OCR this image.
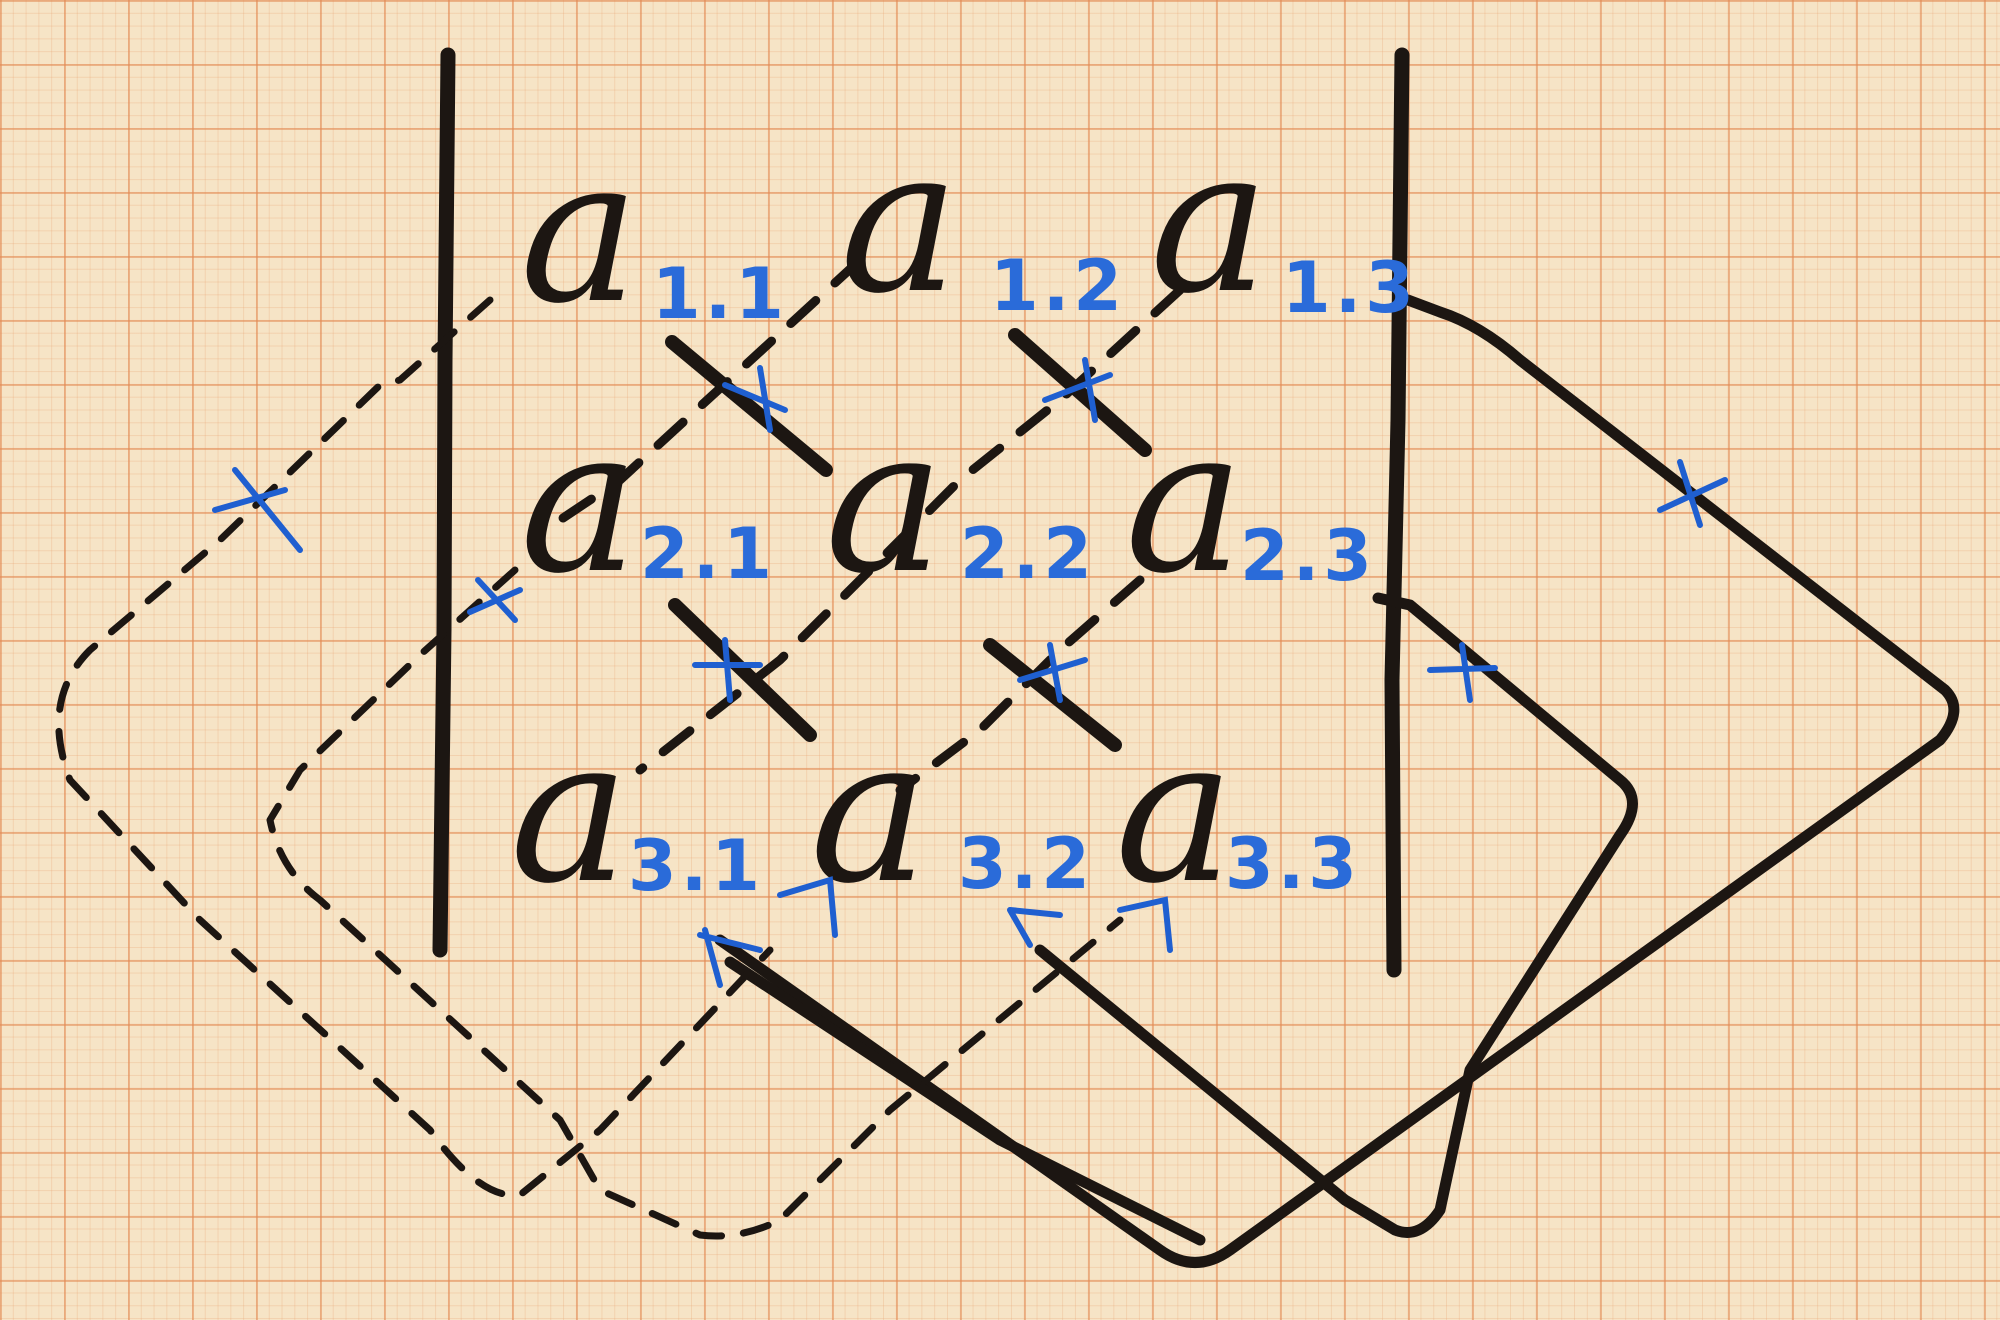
a 1.1 a 1.2 a 1.3
a 2.1 a 2.2 a
2.3
a
3.1 a 3.2 a
3.3
